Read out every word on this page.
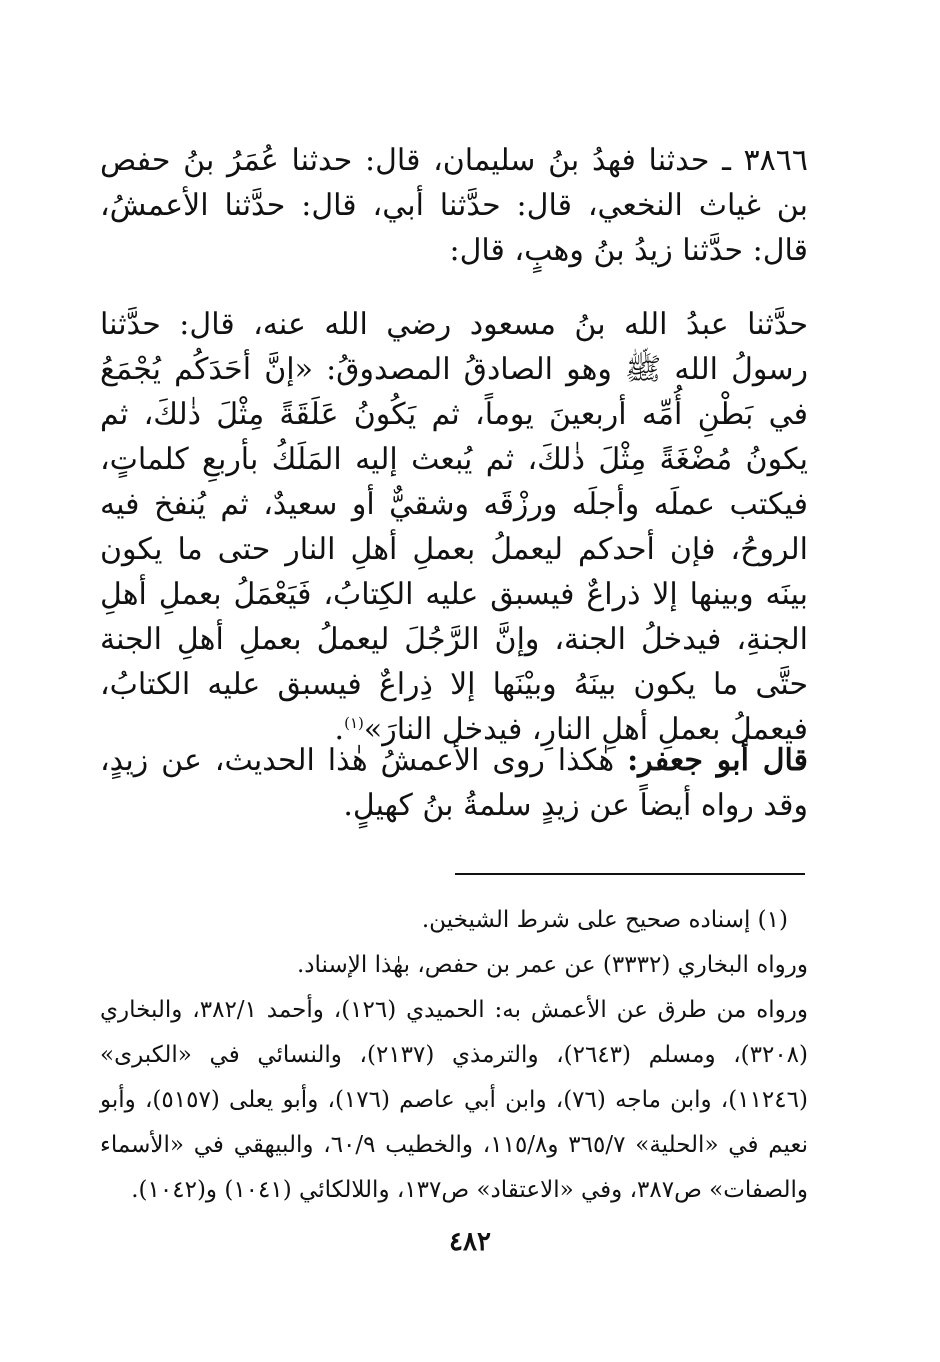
٣٨٦٦ ـ حدثنا فهدُ بنُ سليمان، قال: حدثنا عُمَرُ بنُ حفص بن غياث النخعي، قال: حدَّثنا أبي، قال: حدَّثنا الأعمشُ، قال: حدَّثنا زيدُ بنُ وهبٍ، قال:

حدَّثنا عبدُ الله بنُ مسعود رضي الله عنه، قال: حدَّثنا رسولُ الله ﷺ وهو الصادقُ المصدوقُ: «إنَّ أحَدَكُم يُجْمَعُ في بَطْنِ أُمِّه أربعينَ يوماً، ثم يَكُونُ عَلَقَةً مِثْلَ ذٰلكَ، ثم يكونُ مُضْغَةً مِثْلَ ذٰلكَ، ثم يُبعث إليه المَلَكُ بأربعِ كلماتٍ، فيكتب عملَه وأجلَه ورزْقَه وشقيٌّ أو سعيدٌ، ثم يُنفخ فيه الروحُ، فإن أحدكم ليعملُ بعملِ أهلِ النار حتى ما يكون بينَه وبينها إلا ذراعٌ فيسبق عليه الكِتابُ، فَيَعْمَلُ بعملِ أهلِ الجنةِ، فيدخلُ الجنة، وإنَّ الرَّجُلَ ليعملُ بعملِ أهلِ الجنة حتَّى ما يكون بينَهُ وبيْنَها إلا ذِراعٌ فيسبق عليه الكتابُ، فيعملُ بعملِ أهلِ النارِ، فيدخل النارَ»$^{(١)}$.

قال أبو جعفر: هٰكذا روى الأعمشُ هٰذا الحديث، عن زيدٍ، وقد رواه أيضاً عن زيدٍ سلمةُ بنُ كهيلٍ.

(١) إسناده صحيح على شرط الشيخين.

ورواه البخاري (٣٣٣٢) عن عمر بن حفص، بهٰذا الإسناد.

ورواه من طرق عن الأعمش به: الحميدي (١٢٦)، وأحمد ٣٨٢/١، والبخاري (٣٢٠٨)، ومسلم (٢٦٤٣)، والترمذي (٢١٣٧)، والنسائي في «الكبرى» (١١٢٤٦)، وابن ماجه (٧٦)، وابن أبي عاصم (١٧٦)، وأبو يعلى (٥١٥٧)، وأبو نعيم في «الحلية» ٣٦٥/٧ و١١٥/٨، والخطيب ٦٠/٩، والبيهقي في «الأسماء والصفات» ص٣٨٧، وفي «الاعتقاد» ص١٣٧، واللالكائي (١٠٤١) و(١٠٤٢).

٤٨٢
